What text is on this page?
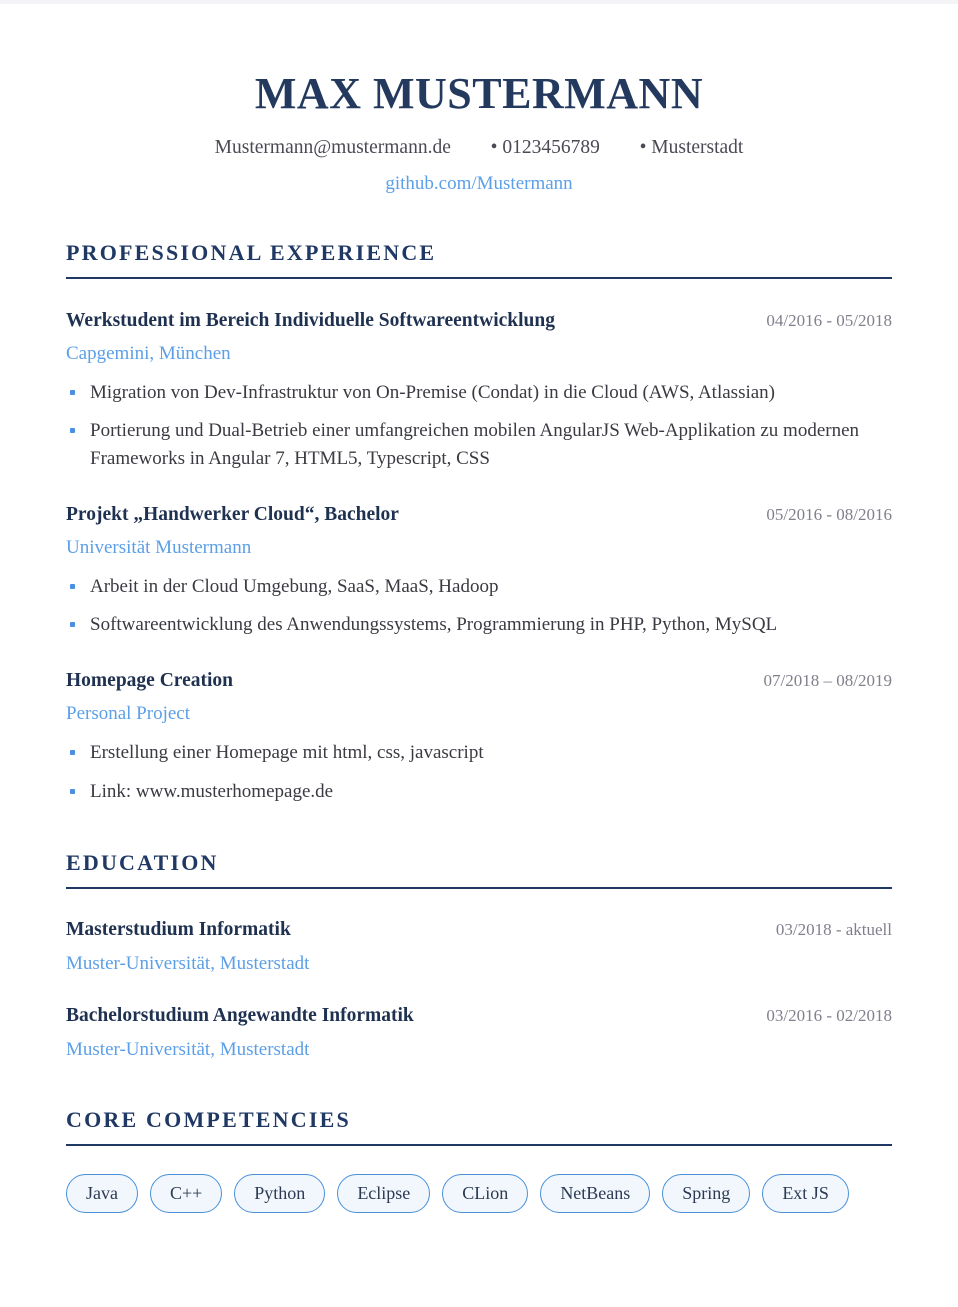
MAX MUSTERMANN
Mustermann@mustermann.de • 0123456789 • Musterstadt
github.com/Mustermann
PROFESSIONAL EXPERIENCE
Werkstudent im Bereich Individuelle Softwareentwicklung	04/2016 - 05/2018
Capgemini, München
Migration von Dev-Infrastruktur von On-Premise (Condat) in die Cloud (AWS, Atlassian)
Portierung und Dual-Betrieb einer umfangreichen mobilen AngularJS Web-Applikation zu modernen Frameworks in Angular 7, HTML5, Typescript, CSS
Projekt „Handwerker Cloud“, Bachelor	05/2016 - 08/2016
Universität Mustermann
Arbeit in der Cloud Umgebung, SaaS, MaaS, Hadoop
Softwareentwicklung des Anwendungssystems, Programmierung in PHP, Python, MySQL
Homepage Creation	07/2018 – 08/2019
Personal Project
Erstellung einer Homepage mit html, css, javascript
Link: www.musterhomepage.de
EDUCATION
Masterstudium Informatik	03/2018 - aktuell
Muster-Universität, Musterstadt
Bachelorstudium Angewandte Informatik	03/2016 - 02/2018
Muster-Universität, Musterstadt
CORE COMPETENCIES
Java	C++	Python	Eclipse	CLion	NetBeans	Spring	Ext JS
